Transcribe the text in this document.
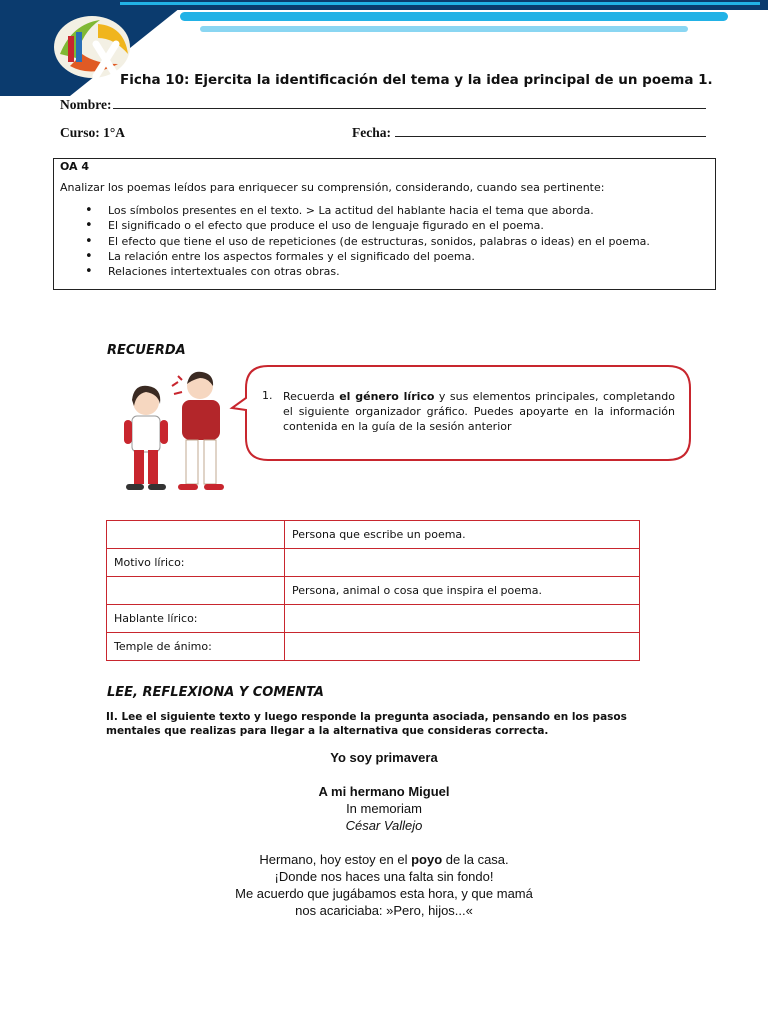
Ficha 10: Ejercita la identificación del tema y la idea principal de un poema 1.
Nombre:
Curso: 1°A	Fecha:
OA 4
Analizar los poemas leídos para enriquecer su comprensión, considerando, cuando sea pertinente:
• Los símbolos presentes en el texto. > La actitud del hablante hacia el tema que aborda.
• El significado o el efecto que produce el uso de lenguaje figurado en el poema.
• El efecto que tiene el uso de repeticiones (de estructuras, sonidos, palabras o ideas) en el poema.
• La relación entre los aspectos formales y el significado del poema.
• Relaciones intertextuales con otras obras.
RECUERDA
1. Recuerda el género lírico y sus elementos principales, completando el siguiente organizador gráfico. Puedes apoyarte en la información contenida en la guía de la sesión anterior
	Persona que escribe un poema.
Motivo lírico:	
	Persona, animal o cosa que inspira el poema.
Hablante lírico:	
Temple de ánimo:	
LEE, REFLEXIONA Y COMENTA
II. Lee el siguiente texto y luego responde la pregunta asociada, pensando en los pasos mentales que realizas para llegar a la alternativa que consideras correcta.
Yo soy primavera
A mi hermano Miguel
In memoriam
César Vallejo
Hermano, hoy estoy en el poyo de la casa.
¡Donde nos haces una falta sin fondo!
Me acuerdo que jugábamos esta hora, y que mamá
nos acariciaba: »Pero, hijos...«
